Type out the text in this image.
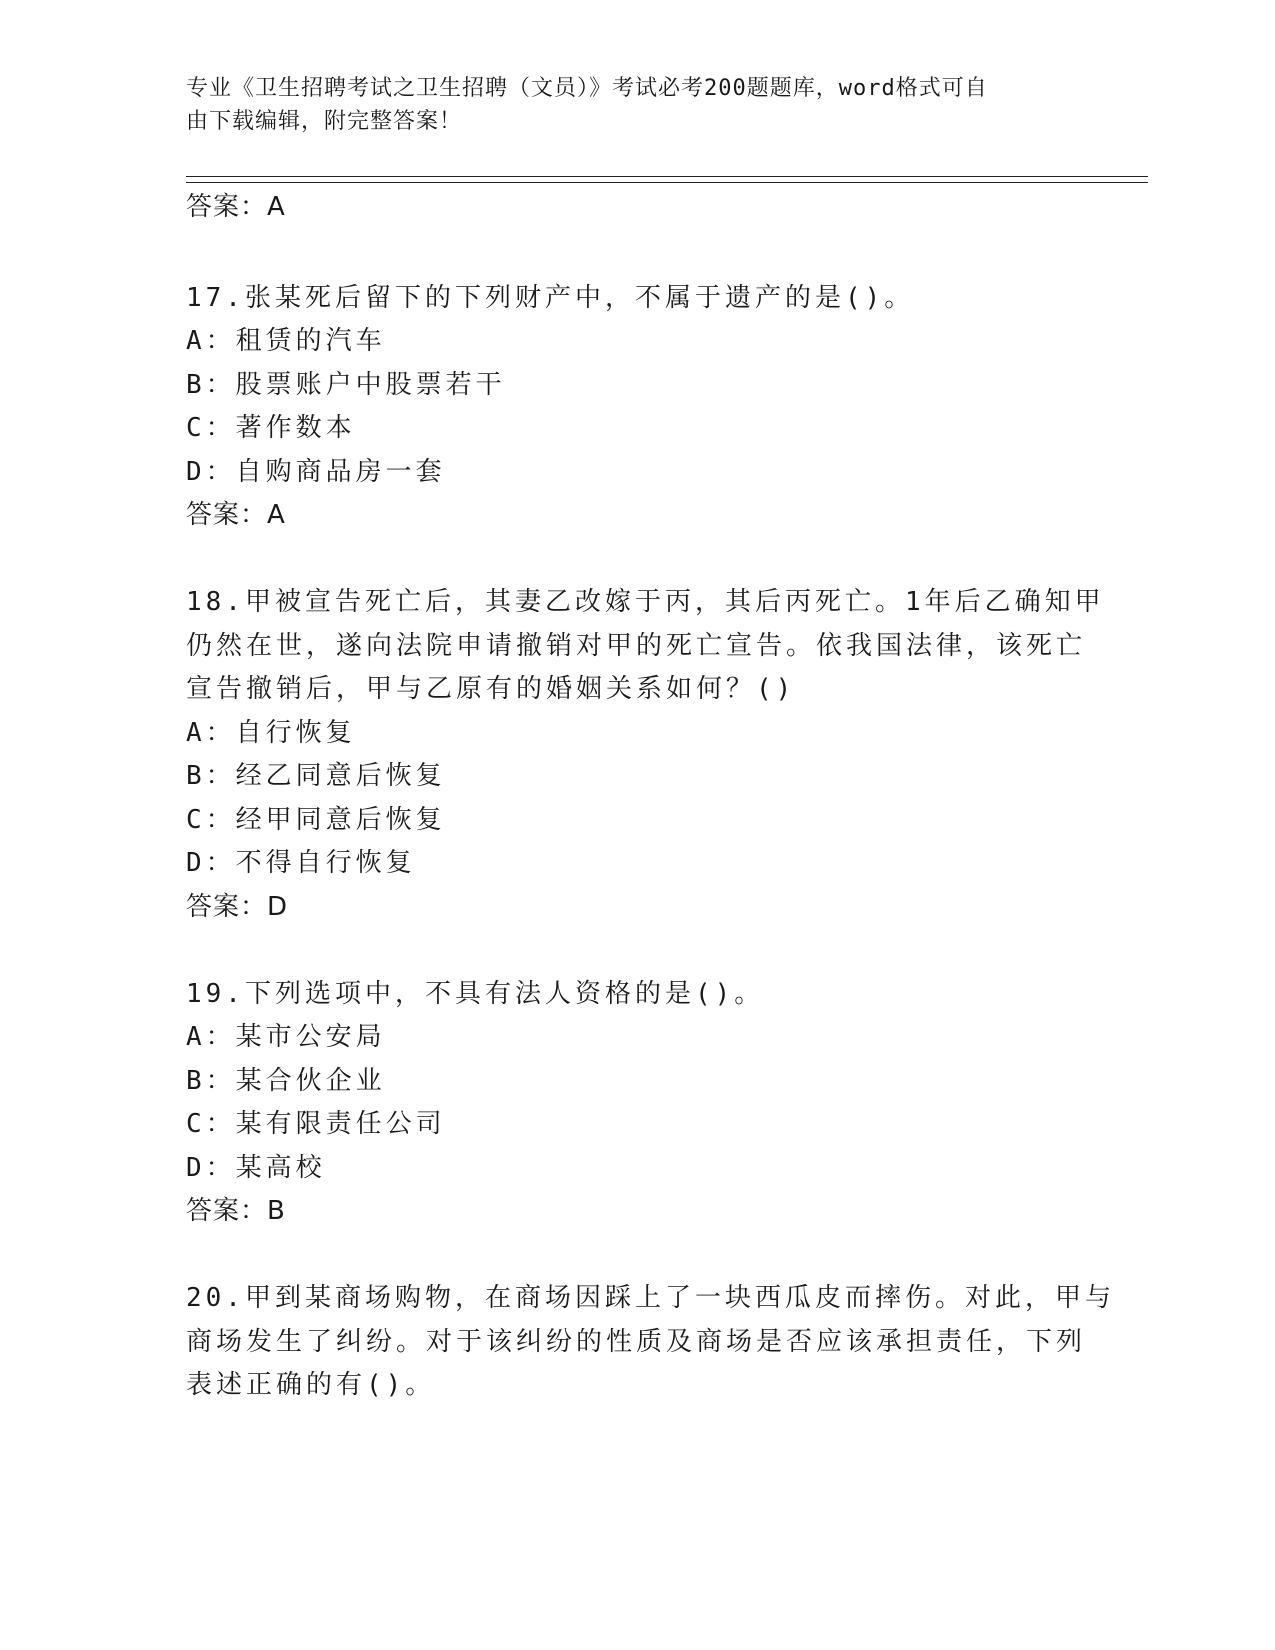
专业《卫生招聘考试之卫生招聘（文员）》考试必考200题题库，word格式可自
由下载编辑，附完整答案！
答案：A
17.张某死后留下的下列财产中，不属于遗产的是()。
A：租赁的汽车
B：股票账户中股票若干
C：著作数本
D：自购商品房一套
答案：A
18.甲被宣告死亡后，其妻乙改嫁于丙，其后丙死亡。1年后乙确知甲
仍然在世，遂向法院申请撤销对甲的死亡宣告。依我国法律，该死亡
宣告撤销后，甲与乙原有的婚姻关系如何？()
A：自行恢复
B：经乙同意后恢复
C：经甲同意后恢复
D：不得自行恢复
答案：D
19.下列选项中，不具有法人资格的是()。
A：某市公安局
B：某合伙企业
C：某有限责任公司
D：某高校
答案：B
20.甲到某商场购物，在商场因踩上了一块西瓜皮而摔伤。对此，甲与
商场发生了纠纷。对于该纠纷的性质及商场是否应该承担责任，下列
表述正确的有()。
